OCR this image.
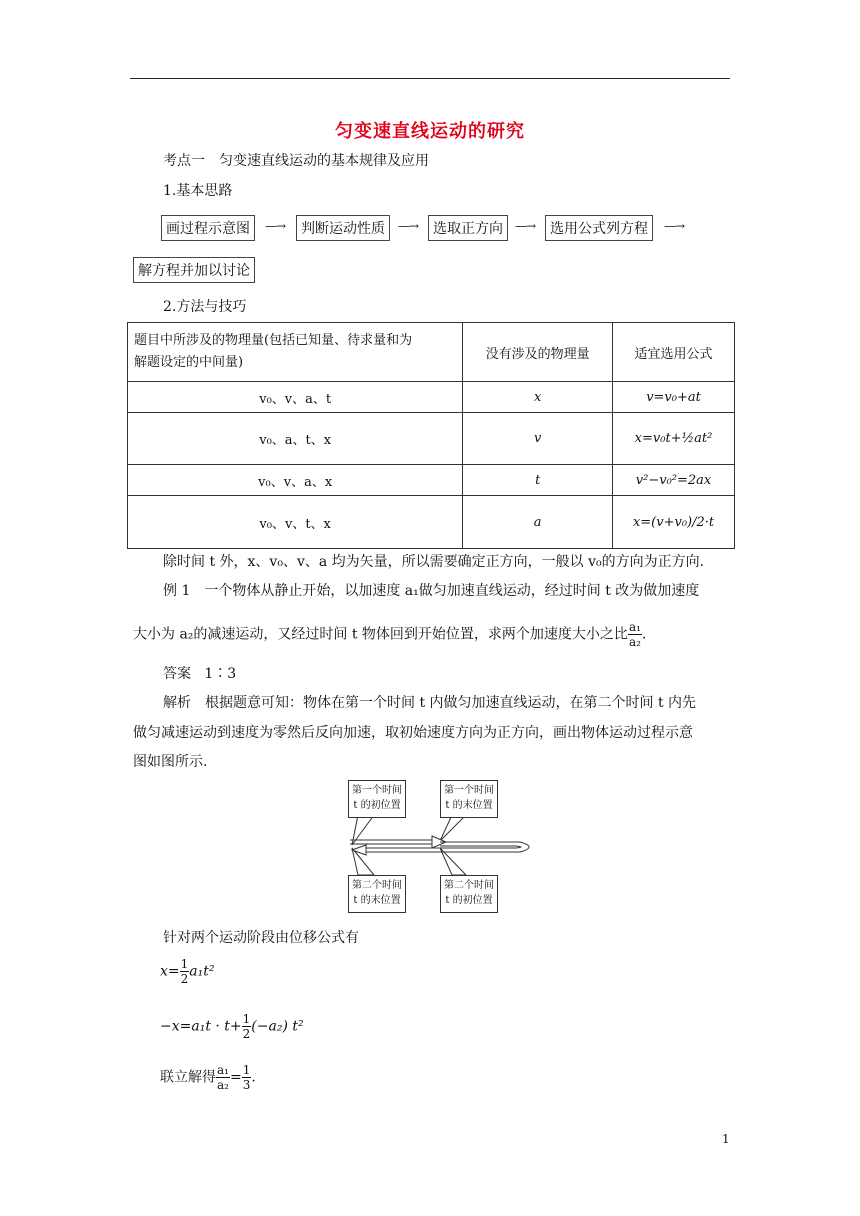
匀变速直线运动的研究
考点一　匀变速直线运动的基本规律及应用
1.基本思路
画过程示意图	—→	判断运动性质	—→	选取正方向	—→	选用公式列方程	—→
解方程并加以讨论
2.方法与技巧
题目中所涉及的物理量(包括已知量、待求量和为
解题设定的中间量)	没有涉及的物理量	适宜选用公式
v₀、v、a、t	x	v=v₀+at
v₀、a、t、x	v	x=v₀t+½at²
v₀、v、a、x	t	v²−v₀²=2ax
v₀、v、t、x	a	x=(v+v₀)/2·t
除时间 t 外，x、v₀、v、a 均为矢量，所以需要确定正方向，一般以 v₀的方向为正方向.
例 1　一个物体从静止开始，以加速度 a₁做匀加速直线运动，经过时间 t 改为做加速度
大小为 a₂的减速运动，又经过时间 t 物体回到开始位置，求两个加速度大小之比 $\frac{\text{a₁}}{\text{a₂}}$ .
答案 1∶3
解析　根据题意可知：物体在第一个时间 t 内做匀加速直线运动，在第二个时间 t 内先
做匀减速运动到速度为零然后反向加速，取初始速度方向为正方向，画出物体运动过程示意
图如图所示.
第一个时间
t 的初位置
第一个时间
t 的末位置
第二个时间
t 的末位置
第二个时间
t 的初位置
针对两个运动阶段由位移公式有
$x= \frac{1}{2} a_1t^2$
$-x=a_1t \cdot t+ \frac{1}{2} (-a_2)$ t²
联立解得 $\frac{\text{a₁}}{\text{a₂}} = \frac{1}{3}$ .
1
